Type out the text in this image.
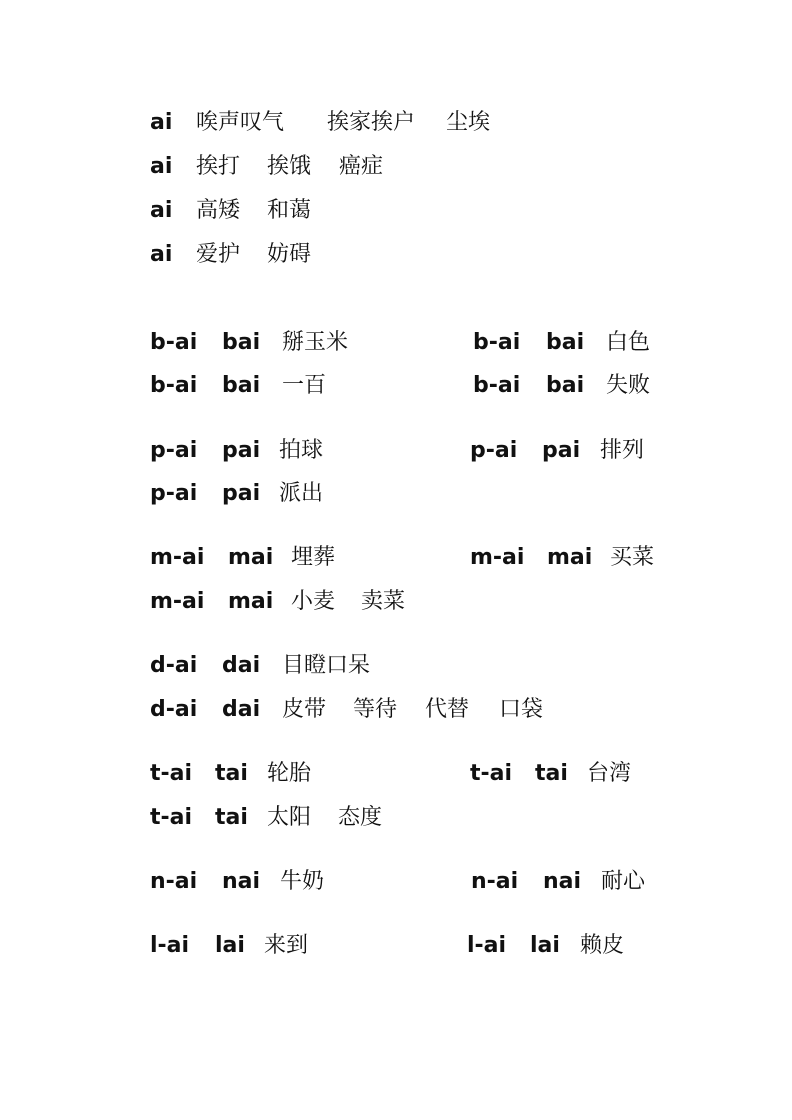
ai 唉声叹气 挨家挨户 尘埃
ai 挨打 挨饿 癌症
ai 高矮 和蔼
ai 爱护 妨碍
b-ai bai 掰玉米	b-ai bai 白色
b-ai bai 一百	b-ai bai 失败
p-ai pai 拍球	p-ai pai 排列
p-ai pai 派出
m-ai mai 埋葬	m-ai mai 买菜
m-ai mai 小麦 卖菜
d-ai dai 目瞪口呆
d-ai dai 皮带 等待 代替 口袋
t-ai tai 轮胎	t-ai tai 台湾
t-ai tai 太阳 态度
n-ai nai 牛奶	n-ai nai 耐心
l-ai lai 来到	l-ai lai 赖皮
